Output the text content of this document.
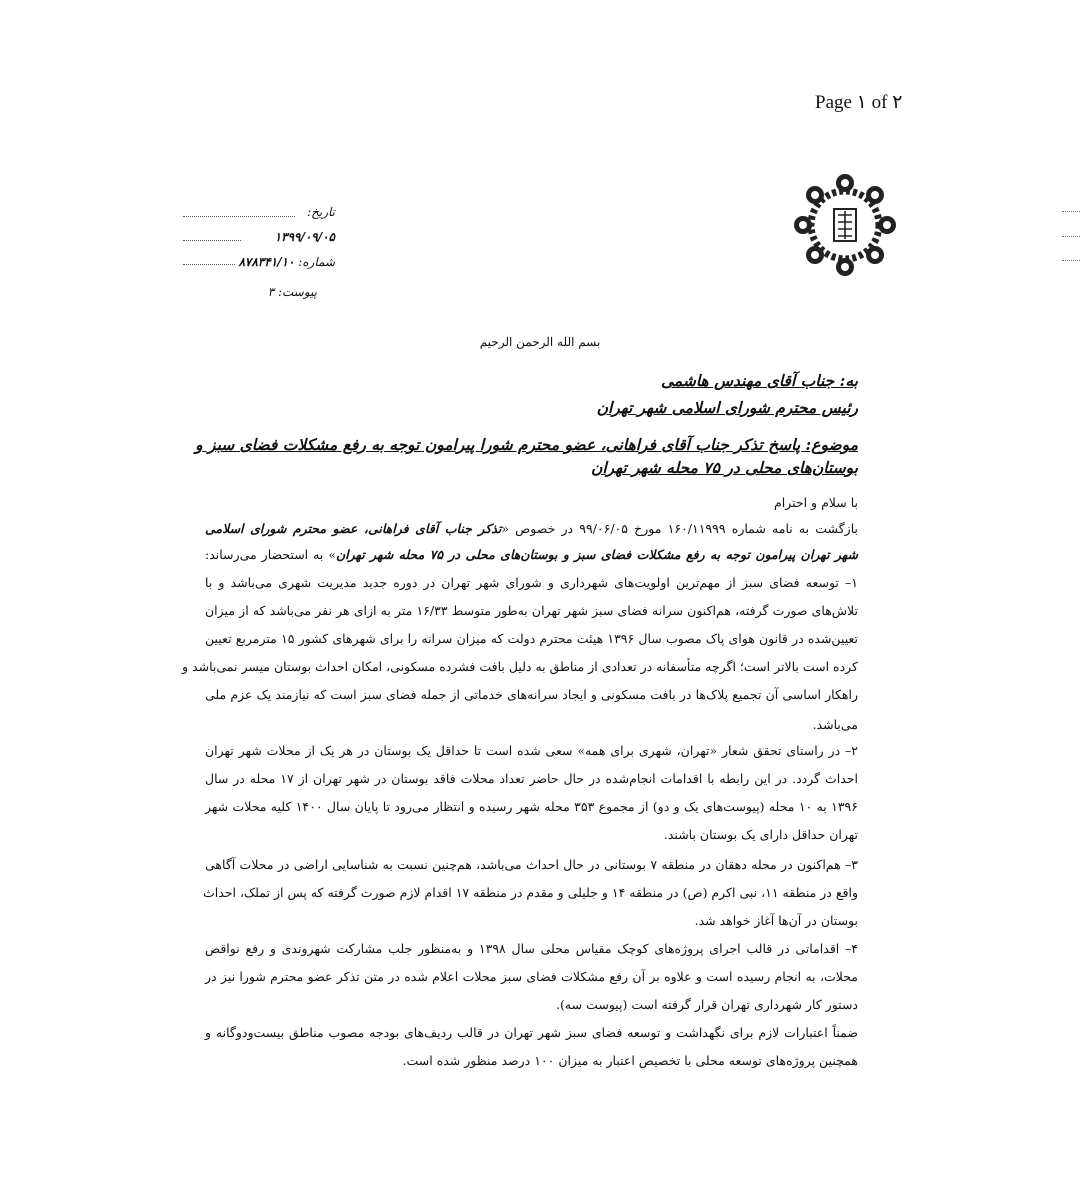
Page ۱ of ۲
تاریخ:
۱۳۹۹/۰۹/۰۵
شماره: ۸۷۸۳۴۱/۱۰
پیوست: ۳
بسم الله الرحمن الرحیم
به: جناب آقای مهندس هاشمی
رئیس محترم شورای اسلامی شهر تهران
موضوع: پاسخ تذکر جناب آقای فراهانی، عضو محترم شورا پیرامون توجه به رفع مشکلات فضای سبز و
بوستان‌های محلی در ۷۵ محله شهر تهران
با سلام و احترام
بازگشت به نامه شماره ۱۶۰/۱۱۹۹۹ مورخ ۹۹/۰۶/۰۵ در خصوص «تذکر جناب آقای فراهانی، عضو محترم شورای اسلامی
شهر تهران پیرامون توجه به رفع مشکلات فضای سبز و بوستان‌های محلی در ۷۵ محله شهر تهران» به استحضار می‌رساند:
۱– توسعه فضای سبز از مهم‌ترین اولویت‌های شهرداری و شورای شهر تهران در دوره جدید مدیریت شهری می‌باشد و با
تلاش‌های صورت گرفته، هم‌اکنون سرانه فضای سبز شهر تهران به‌طور متوسط ۱۶/۳۳ متر به ازای هر نفر می‌باشد که از میزان
تعیین‌شده در قانون هوای پاک مصوب سال ۱۳۹۶ هیئت محترم دولت که میزان سرانه را برای شهرهای کشور ۱۵ مترمربع تعیین
کرده است بالاتر است؛ اگرچه متأسفانه در تعدادی از مناطق به دلیل بافت فشرده مسکونی، امکان احداث بوستان میسر نمی‌باشد و
راهکار اساسی آن تجمیع پلاک‌ها در بافت مسکونی و ایجاد سرانه‌های خدماتی از جمله فضای سبز است که نیازمند یک عزم ملی
می‌باشد.
۲– در راستای تحقق شعار «تهران، شهری برای همه» سعی شده است تا حداقل یک بوستان در هر یک از محلات شهر تهران
احداث گردد. در این رابطه با اقدامات انجام‌شده در حال حاضر تعداد محلات فاقد بوستان در شهر تهران از ۱۷ محله در سال
۱۳۹۶ به ۱۰ محله (پیوست‌های یک و دو) از مجموع ۳۵۳ محله شهر رسیده و انتظار می‌رود تا پایان سال ۱۴۰۰ کلیه محلات شهر
تهران حداقل دارای یک بوستان باشند.
۳– هم‌اکنون در محله دهقان در منطقه ۷ بوستانی در حال احداث می‌باشد، هم‌چنین نسبت به شناسایی اراضی در محلات آگاهی
واقع در منطقه ۱۱، نبی اکرم (ص) در منطقه ۱۴ و جلیلی و مقدم در منطقه ۱۷ اقدام لازم صورت گرفته که پس از تملک، احداث
بوستان در آن‌ها آغاز خواهد شد.
۴– اقداماتی در قالب اجرای پروژه‌های کوچک مقیاس محلی سال ۱۳۹۸ و به‌منظور جلب مشارکت شهروندی و رفع نواقص
محلات، به انجام رسیده است و علاوه بر آن رفع مشکلات فضای سبز محلات اعلام شده در متن تذکر عضو محترم شورا نیز در
دستور کار شهرداری تهران قرار گرفته است (پیوست سه).
ضمناً اعتبارات لازم برای نگهداشت و توسعه فضای سبز شهر تهران در قالب ردیف‌های بودجه مصوب مناطق بیست‌ودوگانه و
همچنین پروژه‌های توسعه محلی با تخصیص اعتبار به میزان ۱۰۰ درصد منظور شده است.
